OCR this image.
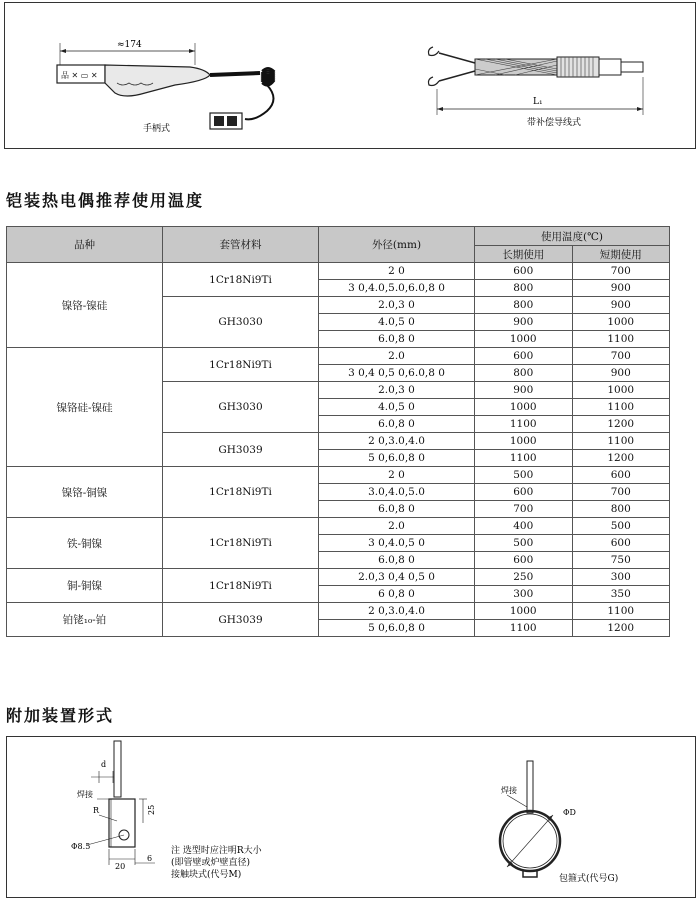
≈174
品 ✕ ▭ ✕
手柄式
L₁
带补偿导线式
铠装热电偶推荐使用温度
品种	套管材料	外径(mm)	使用温度(℃)	
			长期使用	短期使用
镍铬-镍硅	1Cr18Ni9Ti	2 0	600	700
		3 0,4.0,5.0,6.0,8 0	800	900
	GH3030	2.0,3 0	800	900
		4.0,5 0	900	1000
		6.0,8 0	1000	1100
镍铬硅-镍硅	1Cr18Ni9Ti	2.0	600	700
		3 0,4 0,5 0,6.0,8 0	800	900
	GH3030	2.0,3 0	900	1000
		4.0,5 0	1000	1100
		6.0,8 0	1100	1200
	GH3039	2 0,3.0,4.0	1000	1100
		5 0,6.0,8 0	1100	1200
镍铬-铜镍	1Cr18Ni9Ti	2 0	500	600
		3.0,4.0,5.0	600	700
		6.0,8 0	700	800
铁-铜镍	1Cr18Ni9Ti	2.0	400	500
		3 0,4.0,5 0	500	600
		6.0,8 0	600	750
铜-铜镍	1Cr18Ni9Ti	2.0,3 0,4 0,5 0	250	300
		6 0,8 0	300	350
铂铑₁₀-铂	GH3039	2 0,3.0,4.0	1000	1100
		5 0,6.0,8 0	1100	1200
附加装置形式
d
焊接
R	25
Φ8.5
20
6
注 选型时应注明R大小
(即管壁或炉壁直径)
接触块式(代号M)
焊接
ΦD
包箍式(代号G)
